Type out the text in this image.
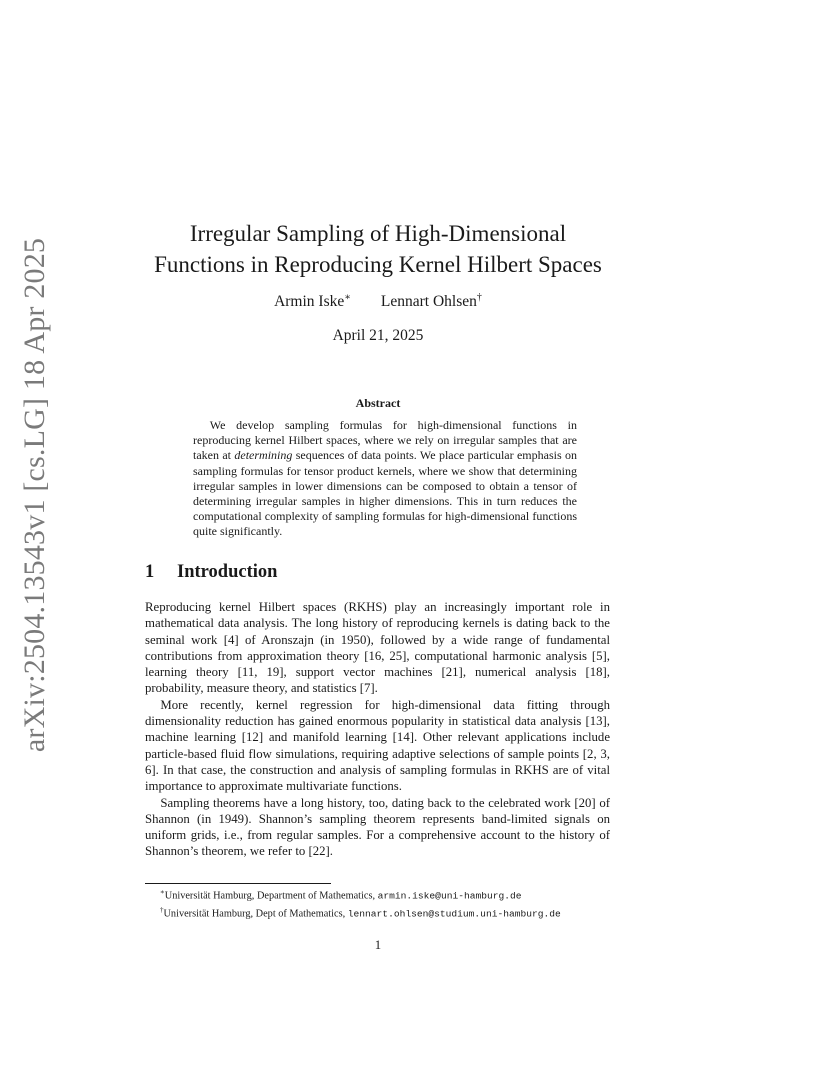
arXiv:2504.13543v1 [cs.LG] 18 Apr 2025
Irregular Sampling of High-Dimensional
Functions in Reproducing Kernel Hilbert Spaces
Armin Iske∗ Lennart Ohlsen†
April 21, 2025
Abstract

We develop sampling formulas for high-dimensional functions in reproducing kernel Hilbert spaces, where we rely on irregular samples that are taken at determining sequences of data points. We place particular emphasis on sampling formulas for tensor product kernels, where we show that determining irregular samples in lower dimensions can be composed to obtain a tensor of determining irregular samples in higher dimensions. This in turn reduces the computational complexity of sampling formulas for high-dimensional functions quite significantly.

1 Introduction

Reproducing kernel Hilbert spaces (RKHS) play an increasingly important role in mathematical data analysis. The long history of reproducing kernels is dating back to the seminal work [4] of Aronszajn (in 1950), followed by a wide range of fundamental contributions from approximation theory [16, 25], computational harmonic analysis [5], learning theory [11, 19], support vector machines [21], numerical analysis [18], probability, measure theory, and statistics [7].

More recently, kernel regression for high-dimensional data fitting through dimensionality reduction has gained enormous popularity in statistical data analysis [13], machine learning [12] and manifold learning [14]. Other relevant applications include particle-based fluid flow simulations, requiring adaptive selections of sample points [2, 3, 6]. In that case, the construction and analysis of sampling formulas in RKHS are of vital importance to approximate multivariate functions.

Sampling theorems have a long history, too, dating back to the celebrated work [20] of Shannon (in 1949). Shannon’s sampling theorem represents band-limited signals on uniform grids, i.e., from regular samples. For a comprehensive account to the history of Shannon’s theorem, we refer to [22].

∗Universität Hamburg, Department of Mathematics, armin.iske@uni-hamburg.de
†Universität Hamburg, Dept of Mathematics, lennart.ohlsen@studium.uni-hamburg.de
1
